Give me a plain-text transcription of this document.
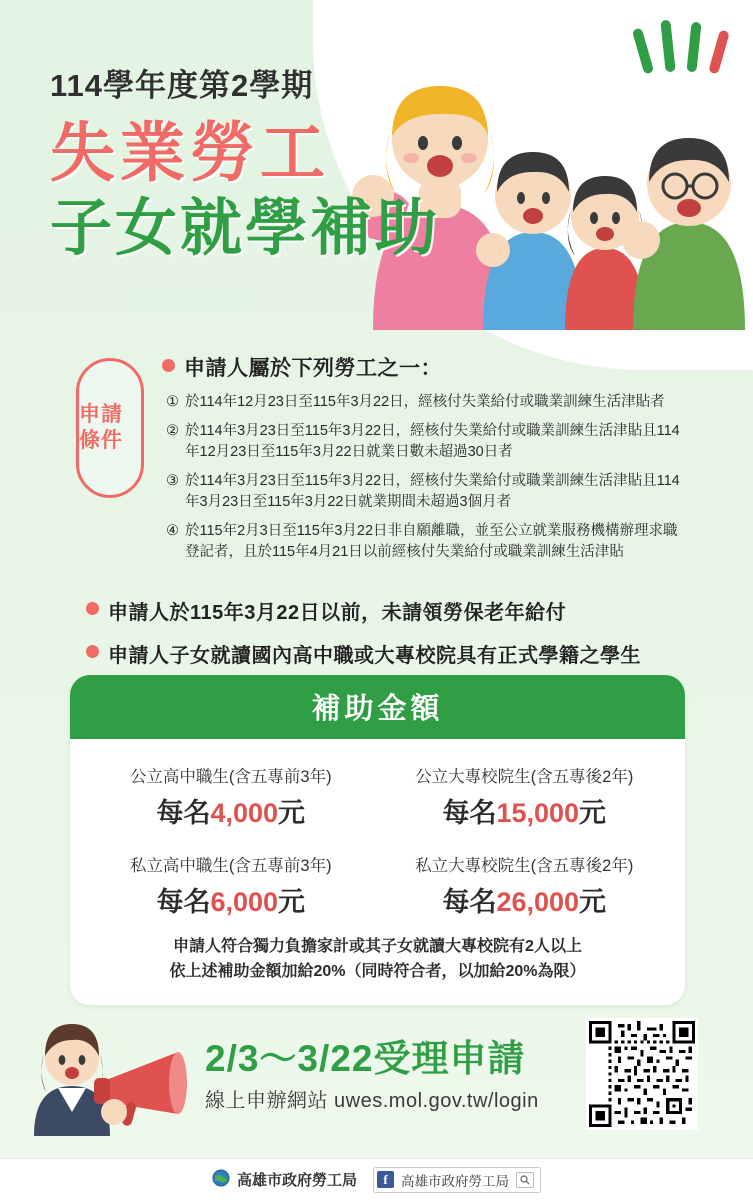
114學年度第2學期
失業勞工
子女就學補助
申請條件
申請人屬於下列勞工之一：
① 於114年12月23日至115年3月22日，經核付失業給付或職業訓練生活津貼者
② 於114年3月23日至115年3月22日，經核付失業給付或職業訓練生活津貼且114年12月23日至115年3月22日就業日數未超過30日者
③ 於114年3月23日至115年3月22日，經核付失業給付或職業訓練生活津貼且114年3月23日至115年3月22日就業期間未超過3個月者
④ 於115年2月3日至115年3月22日非自願離職，並至公立就業服務機構辦理求職登記者，且於115年4月21日以前經核付失業給付或職業訓練生活津貼
申請人於115年3月22日以前，未請領勞保老年給付
申請人子女就讀國內高中職或大專校院具有正式學籍之學生
補助金額
公立高中職生(含五專前3年)
每名4,000元
公立大專校院生(含五專後2年)
每名15,000元
私立高中職生(含五專前3年)
每名6,000元
私立大專校院生(含五專後2年)
每名26,000元
申請人符合獨力負擔家計或其子女就讀大專校院有2人以上
依上述補助金額加給20%（同時符合者，以加給20%為限）
2/3～3/22受理申請
線上申辦網站 uwes.mol.gov.tw/login
高雄市政府勞工局	f 高雄市政府勞工局
